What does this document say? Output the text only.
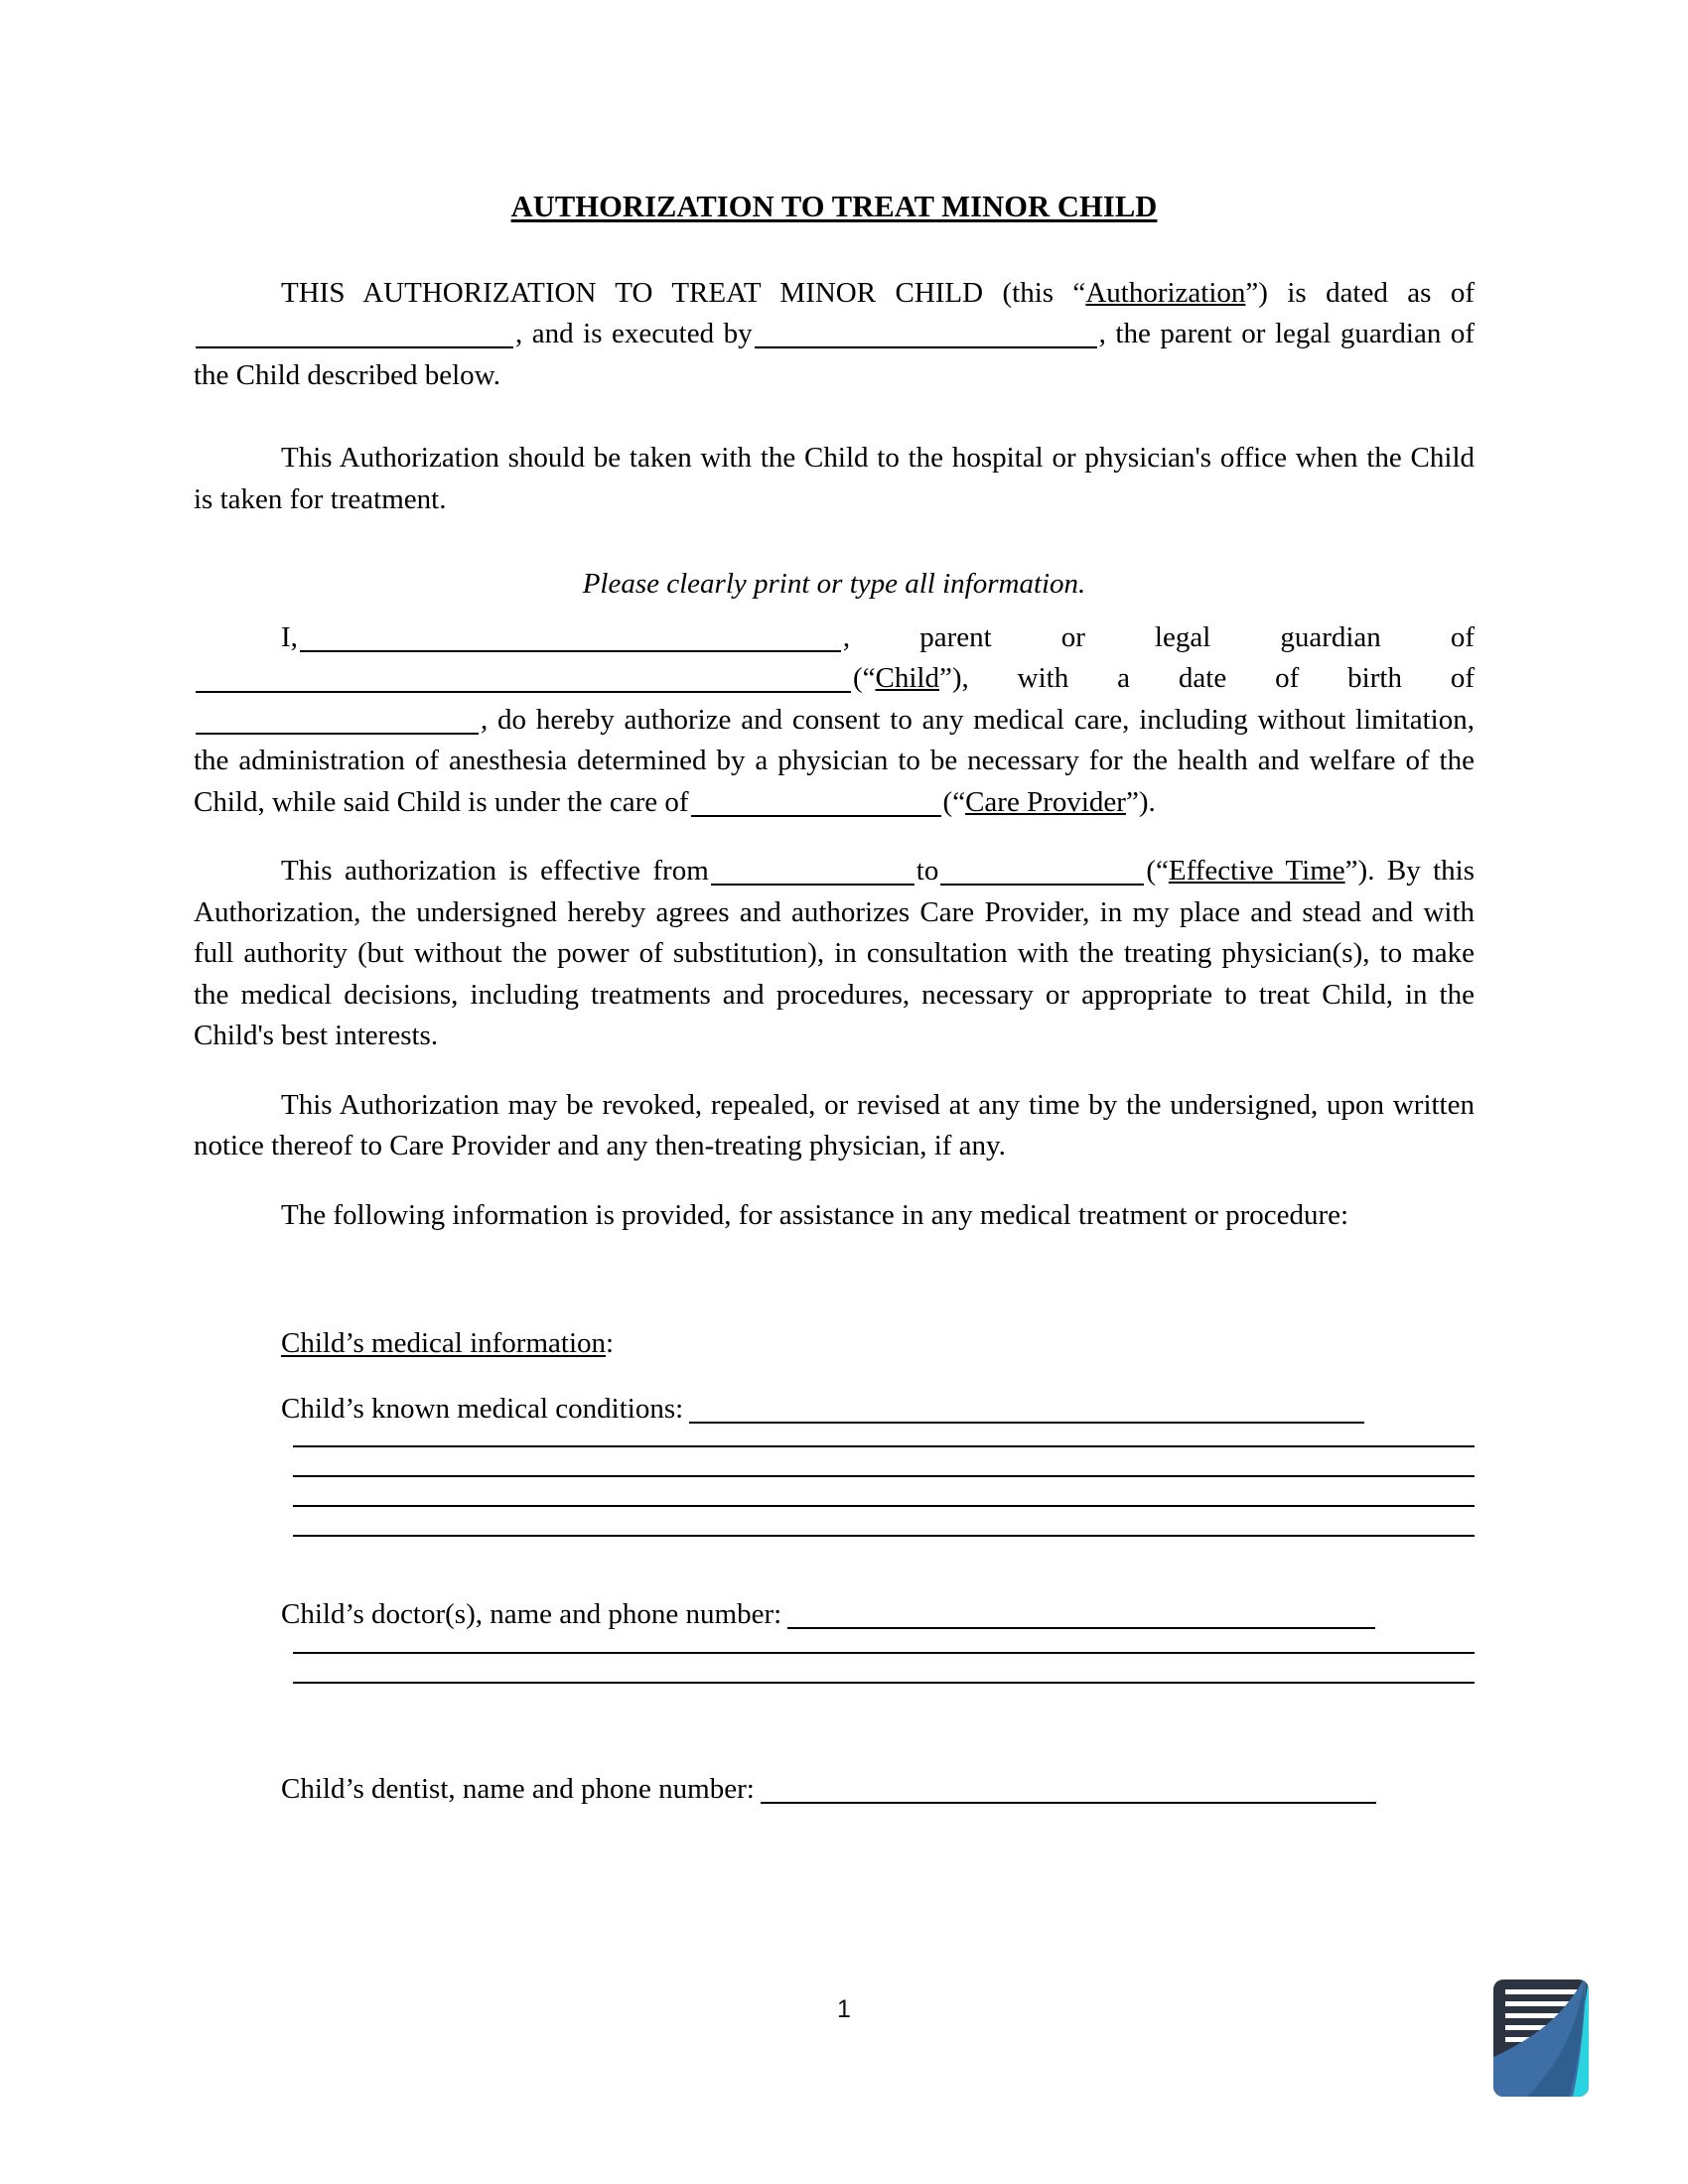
AUTHORIZATION TO TREAT MINOR CHILD

THIS AUTHORIZATION TO TREAT MINOR CHILD (this “Authorization”) is dated as of, and is executed by	, the parent or legal guardian of the Child described below.

This Authorization should be taken with the Child to the hospital or physician's office when the Child is taken for treatment.

Please clearly print or type all information.

I,	, parent or legal guardian of(“Child”), with a date of birth of, do hereby authorize and consent to any medical care, including without limitation, the administration of anesthesia determined by a physician to be necessary for the health and welfare of the Child, while said Child is under the care of	(“Care Provider”).

This authorization is effective from	to	(“Effective Time”). By this Authorization, the undersigned hereby agrees and authorizes Care Provider, in my place and stead and with full authority (but without the power of substitution), in consultation with the treating physician(s), to make the medical decisions, including treatments and procedures, necessary or appropriate to treat Child, in the Child's best interests.

This Authorization may be revoked, repealed, or revised at any time by the undersigned, upon written notice thereof to Care Provider and any then-treating physician, if any.

The following information is provided, for assistance in any medical treatment or procedure:

Child’s medical information:

Child’s known medical conditions:

Child’s doctor(s), name and phone number:

Child’s dentist, name and phone number:

1
